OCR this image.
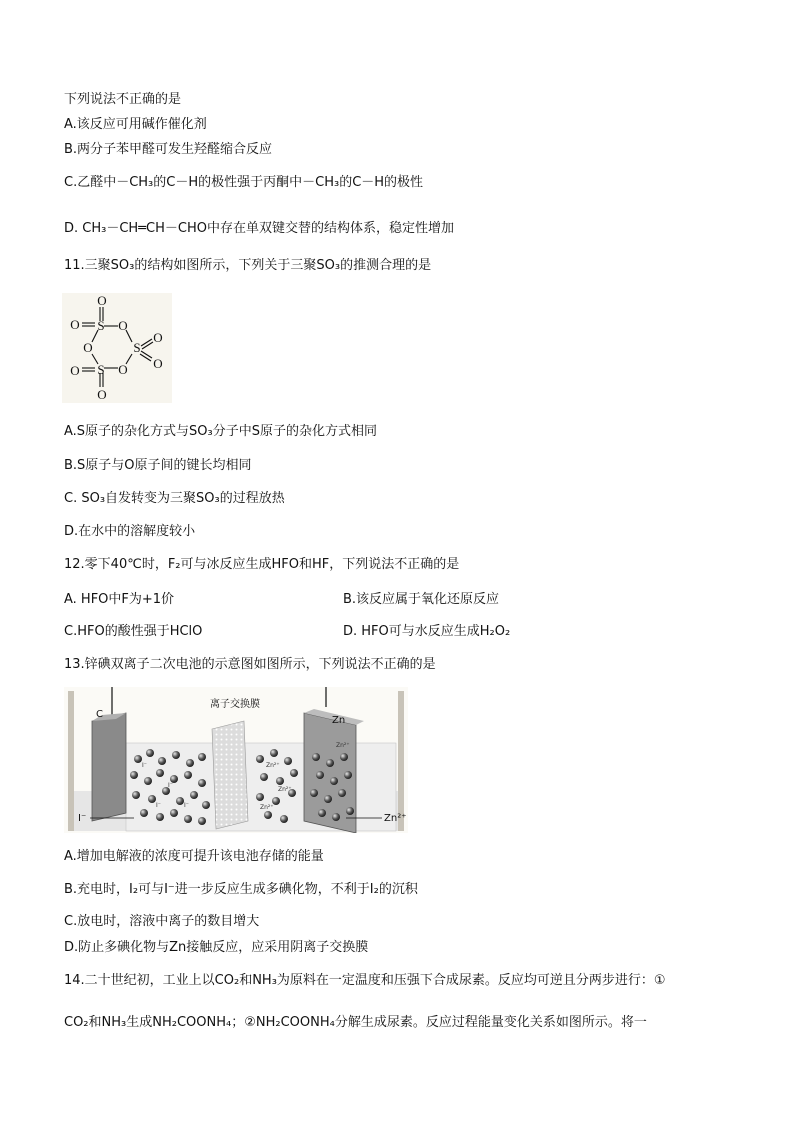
下列说法不正确的是
A.该反应可用碱作催化剂
B.两分子苯甲醛可发生羟醛缩合反应
C.乙醛中－CH₃的C－H的极性强于丙酮中－CH₃的C－H的极性
D. CH₃－CH═CH－CHO中存在单双键交替的结构体系，稳定性增加
11.三聚SO₃的结构如图所示，下列关于三聚SO₃的推测合理的是
O
O S O
O	S
O
O
S O
O
O
A.S原子的杂化方式与SO₃分子中S原子的杂化方式相同
B.S原子与O原子间的键长均相同
C. SO₃自发转变为三聚SO₃的过程放热
D.在水中的溶解度较小
12.零下40℃时，F₂可与冰反应生成HFO和HF，下列说法不正确的是
A. HFO中F为+1价	B.该反应属于氧化还原反应
C.HFO的酸性强于HClO	D. HFO可与水反应生成H₂O₂
13.锌碘双离子二次电池的示意图如图所示，下列说法不正确的是
I⁻
I⁻
I⁻
I⁻
Zn²⁺
Zn²⁺
Zn²⁺
Zn²⁺
C
Zn
离子交换膜
I⁻	Zn²⁺
A.增加电解液的浓度可提升该电池存储的能量
B.充电时，I₂可与I⁻进一步反应生成多碘化物，不利于I₂的沉积
C.放电时，溶液中离子的数目增大
D.防止多碘化物与Zn接触反应，应采用阴离子交换膜
14.二十世纪初，工业上以CO₂和NH₃为原料在一定温度和压强下合成尿素。反应均可逆且分两步进行：①
CO₂和NH₃生成NH₂COONH₄；②NH₂COONH₄分解生成尿素。反应过程能量变化关系如图所示。将一
